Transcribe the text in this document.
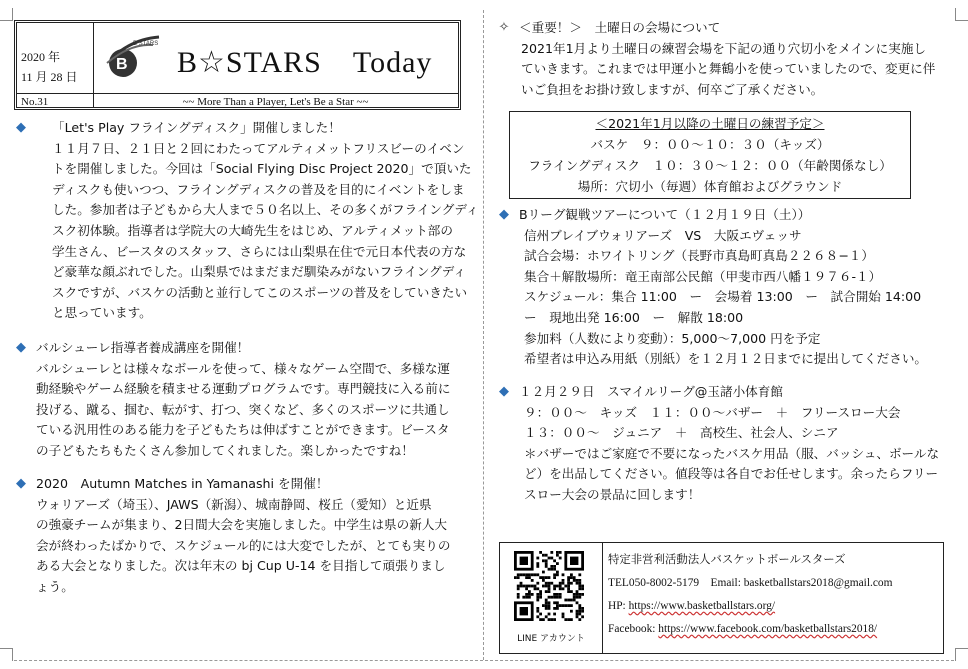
2020 年
11 月 28 日
No.31
B
B STARS
B☆STARS　Today
~~ More Than a Player, Let's Be a Star ~~
◆	「Let's Play フライングディスク」開催しました！

１１月７日、２１日と２回にわたってアルティメットフリスビーのイベン

トを開催しました。今回は「Social Flying Disc Project 2020」で頂いた

ディスクも使いつつ、フライングディスクの普及を目的にイベントをしま

した。参加者は子どもから大人まで５０名以上、その多くがフライングディ

スク初体験。指導者は学院大の大崎先生をはじめ、アルティメット部の

学生さん、ビースタのスタッフ、さらには山梨県在住で元日本代表の方な

ど豪華な顔ぶれでした。山梨県ではまだまだ馴染みがないフライングディ

スクですが、バスケの活動と並行してこのスポーツの普及をしていきたい

と思っています。

◆ バルシューレ指導者養成講座を開催！

バルシューレとは様々なボールを使って、様々なゲーム空間で、多様な運

動経験やゲーム経験を積ませる運動プログラムです。専門競技に入る前に

投げる、蹴る、掴む、転がす、打つ、突くなど、多くのスポーツに共通し

ている汎用性のある能力を子どもたちは伸ばすことができます。ビースタ

の子どもたちもたくさん参加してくれました。楽しかったですね！

◆ 2020　Autumn Matches in Yamanashi を開催！

ウォリアーズ（埼玉）、JAWS（新潟）、城南静岡、桜丘（愛知）と近県

の強豪チームが集まり、2日間大会を実施しました。中学生は県の新人大

会が終わったばかりで、スケジュール的には大変でしたが、とても実りの

ある大会となりました。次は年末の bj Cup U-14 を目指して頑張りまし

ょう。

✧ ＜重要！＞　土曜日の会場について

2021年1月より土曜日の練習会場を下記の通り穴切小をメインに実施し

ていきます。これまでは甲運小と舞鶴小を使っていましたので、変更に伴

いご負担をお掛け致しますが、何卒ご了承ください。

＜2021年1月以降の土曜日の練習予定＞
バスケ　９：００〜１０：３０（キッズ）
フライングディスク　１０：３０〜１２：００（年齢関係なし）
場所：穴切小（毎週）体育館およびグラウンド
◆ Bリーグ観戦ツアーについて（１２月１９日（土））

信州ブレイブウォリアーズ　VS　大阪エヴェッサ

試合会場：ホワイトリング（長野市真島町真島２２６８−１）

集合＋解散場所：竜王南部公民館（甲斐市西八幡１９７６-１）

スケジュール：集合 11:00　ー　会場着 13:00　ー　試合開始 14:00

ー　現地出発 16:00　ー　解散 18:00

参加料（人数により変動）：5,000〜7,000 円を予定

希望者は申込み用紙（別紙）を１２月１２日までに提出してください。

◆ １２月２９日　スマイルリーグ@玉諸小体育館

９：００〜　キッズ　１１：００〜バザー　＋　フリースロー大会

１３：００〜　ジュニア　＋　高校生、社会人、シニア

＊バザーではご家庭で不要になったバスケ用品（服、バッシュ、ボールな

ど）を出品してください。値段等は各自でお任せします。余ったらフリー

スロー大会の景品に回します！

LINE アカウント
特定非営利活動法人バスケットボールスターズ
TEL050-8002-5179　Email: basketballstars2018@gmail.com
HP: https://www.basketballstars.org/
Facebook: https://www.facebook.com/basketballstars2018/
